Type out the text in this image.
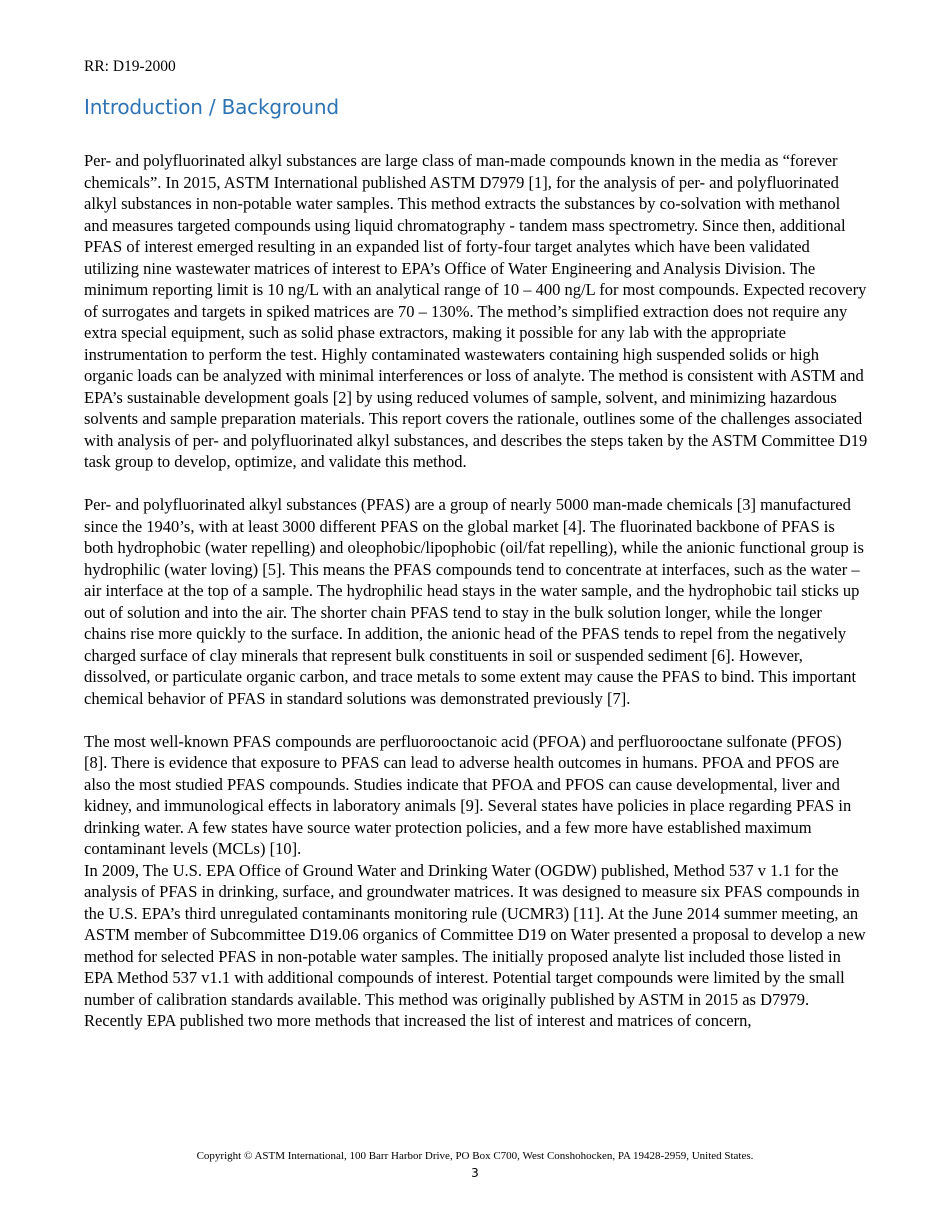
RR: D19-2000
Introduction / Background

Per- and polyfluorinated alkyl substances are large class of man-made compounds known in the media as “forever chemicals”. In 2015, ASTM International published ASTM D7979 [1], for the analysis of per- and polyfluorinated alkyl substances in non-potable water samples. This method extracts the substances by co-solvation with methanol and measures targeted compounds using liquid chromatography - tandem mass spectrometry. Since then, additional PFAS of interest emerged resulting in an expanded list of forty-four target analytes which have been validated utilizing nine wastewater matrices of interest to EPA’s Office of Water Engineering and Analysis Division. The minimum reporting limit is 10 ng/L with an analytical range of 10 – 400 ng/L for most compounds. Expected recovery of surrogates and targets in spiked matrices are 70 – 130%. The method’s simplified extraction does not require any extra special equipment, such as solid phase extractors, making it possible for any lab with the appropriate instrumentation to perform the test. Highly contaminated wastewaters containing high suspended solids or high organic loads can be analyzed with minimal interferences or loss of analyte. The method is consistent with ASTM and EPA’s sustainable development goals [2] by using reduced volumes of sample, solvent, and minimizing hazardous solvents and sample preparation materials. This report covers the rationale, outlines some of the challenges associated with analysis of per- and polyfluorinated alkyl substances, and describes the steps taken by the ASTM Committee D19 task group to develop, optimize, and validate this method.

Per- and polyfluorinated alkyl substances (PFAS) are a group of nearly 5000 man-made chemicals [3] manufactured since the 1940’s, with at least 3000 different PFAS on the global market [4]. The fluorinated backbone of PFAS is both hydrophobic (water repelling) and oleophobic/lipophobic (oil/fat repelling), while the anionic functional group is hydrophilic (water loving) [5]. This means the PFAS compounds tend to concentrate at interfaces, such as the water – air interface at the top of a sample. The hydrophilic head stays in the water sample, and the hydrophobic tail sticks up out of solution and into the air. The shorter chain PFAS tend to stay in the bulk solution longer, while the longer chains rise more quickly to the surface. In addition, the anionic head of the PFAS tends to repel from the negatively charged surface of clay minerals that represent bulk constituents in soil or suspended sediment [6]. However, dissolved, or particulate organic carbon, and trace metals to some extent may cause the PFAS to bind. This important chemical behavior of PFAS in standard solutions was demonstrated previously [7].

The most well-known PFAS compounds are perfluorooctanoic acid (PFOA) and perfluorooctane sulfonate (PFOS) [8]. There is evidence that exposure to PFAS can lead to adverse health outcomes in humans. PFOA and PFOS are also the most studied PFAS compounds. Studies indicate that PFOA and PFOS can cause developmental, liver and kidney, and immunological effects in laboratory animals [9]. Several states have policies in place regarding PFAS in drinking water. A few states have source water protection policies, and a few more have established maximum contaminant levels (MCLs) [10].

In 2009, The U.S. EPA Office of Ground Water and Drinking Water (OGDW) published, Method 537 v 1.1 for the analysis of PFAS in drinking, surface, and groundwater matrices. It was designed to measure six PFAS compounds in the U.S. EPA’s third unregulated contaminants monitoring rule (UCMR3) [11]. At the June 2014 summer meeting, an ASTM member of Subcommittee D19.06 organics of Committee D19 on Water presented a proposal to develop a new method for selected PFAS in non-potable water samples. The initially proposed analyte list included those listed in EPA Method 537 v1.1 with additional compounds of interest. Potential target compounds were limited by the small number of calibration standards available. This method was originally published by ASTM in 2015 as D7979. Recently EPA published two more methods that increased the list of interest and matrices of concern,

Copyright © ASTM International, 100 Barr Harbor Drive, PO Box C700, West Conshohocken, PA 19428-2959, United States.
3
